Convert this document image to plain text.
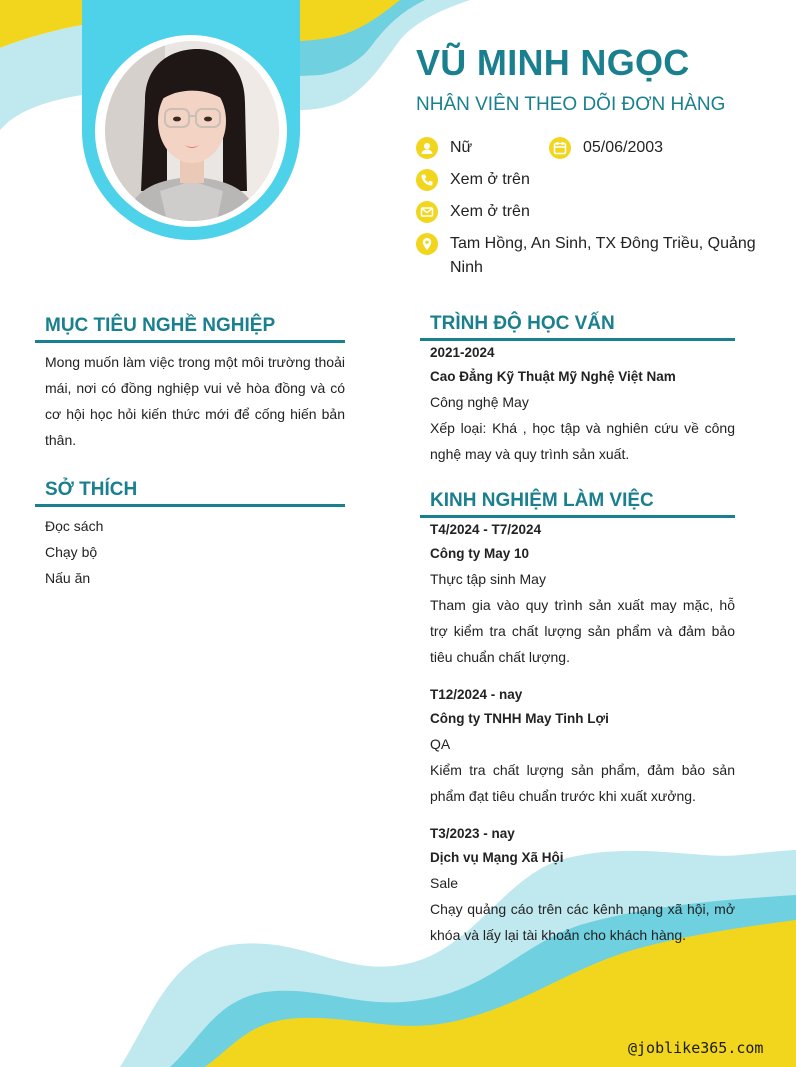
VŨ MINH NGỌC
NHÂN VIÊN THEO DÕI ĐƠN HÀNG
Nữ	05/06/2003
Xem ở trên
Xem ở trên
Tam Hồng, An Sinh, TX Đông Triều, Quảng Ninh
MỤC TIÊU NGHỀ NGHIỆP
Mong muốn làm việc trong một môi trường thoải mái, nơi có đồng nghiệp vui vẻ hòa đồng và có cơ hội học hỏi kiến thức mới để cống hiến bản thân.
SỞ THÍCH
Đọc sách
Chạy bộ
Nấu ăn
TRÌNH ĐỘ HỌC VẤN
2021-2024
Cao Đẳng Kỹ Thuật Mỹ Nghệ Việt Nam
Công nghệ May
Xếp loại: Khá , học tập và nghiên cứu về công nghệ may và quy trình sản xuất.
KINH NGHIỆM LÀM VIỆC
T4/2024 - T7/2024
Công ty May 10
Thực tập sinh May
Tham gia vào quy trình sản xuất may mặc, hỗ trợ kiểm tra chất lượng sản phẩm và đảm bảo tiêu chuẩn chất lượng.
T12/2024 - nay
Công ty TNHH May Tinh Lợi
QA
Kiểm tra chất lượng sản phẩm, đảm bảo sản phẩm đạt tiêu chuẩn trước khi xuất xưởng.
T3/2023 - nay
Dịch vụ Mạng Xã Hội
Sale
Chạy quảng cáo trên các kênh mạng xã hội, mở khóa và lấy lại tài khoản cho khách hàng.
@joblike365.com
